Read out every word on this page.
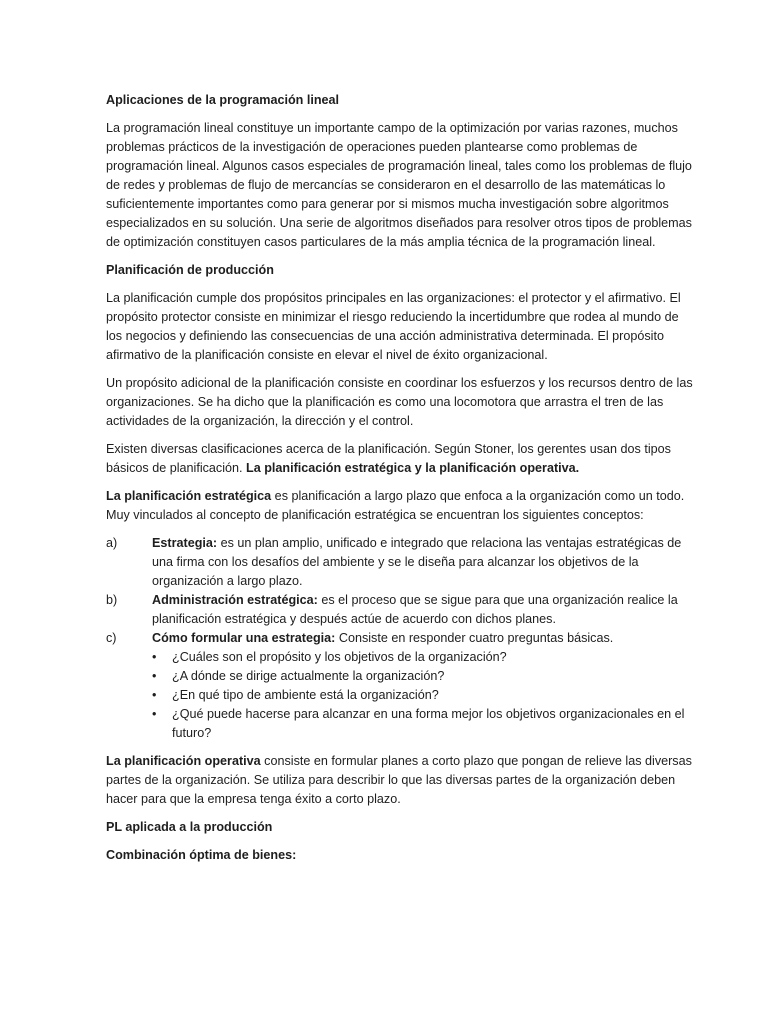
Aplicaciones de la programación lineal

La programación lineal constituye un importante campo de la optimización por varias razones, muchos problemas prácticos de la investigación de operaciones pueden plantearse como problemas de programación lineal. Algunos casos especiales de programación lineal, tales como los problemas de flujo de redes y problemas de flujo de mercancías se consideraron en el desarrollo de las matemáticas lo suficientemente importantes como para generar por si mismos mucha investigación sobre algoritmos especializados en su solución. Una serie de algoritmos diseñados para resolver otros tipos de problemas de optimización constituyen casos particulares de la más amplia técnica de la programación lineal.

Planificación de producción

La planificación cumple dos propósitos principales en las organizaciones: el protector y el afirmativo. El propósito protector consiste en minimizar el riesgo reduciendo la incertidumbre que rodea al mundo de los negocios y definiendo las consecuencias de una acción administrativa determinada. El propósito afirmativo de la planificación consiste en elevar el nivel de éxito organizacional.

Un propósito adicional de la planificación consiste en coordinar los esfuerzos y los recursos dentro de las organizaciones. Se ha dicho que la planificación es como una locomotora que arrastra el tren de las actividades de la organización, la dirección y el control.

Existen diversas clasificaciones acerca de la planificación. Según Stoner, los gerentes usan dos tipos básicos de planificación. La planificación estratégica y la planificación operativa.

La planificación estratégica es planificación a largo plazo que enfoca a la organización como un todo. Muy vinculados al concepto de planificación estratégica se encuentran los siguientes conceptos:

a)	Estrategia: es un plan amplio, unificado e integrado que relaciona las ventajas estratégicas de una firma con los desafíos del ambiente y se le diseña para alcanzar los objetivos de la organización a largo plazo.
b)	Administración estratégica: es el proceso que se sigue para que una organización realice la planificación estratégica y después actúe de acuerdo con dichos planes.
c)	Cómo formular una estrategia: Consiste en responder cuatro preguntas básicas.
• ¿Cuáles son el propósito y los objetivos de la organización?
• ¿A dónde se dirige actualmente la organización?
• ¿En qué tipo de ambiente está la organización?
• ¿Qué puede hacerse para alcanzar en una forma mejor los objetivos organizacionales en el futuro?

La planificación operativa consiste en formular planes a corto plazo que pongan de relieve las diversas partes de la organización. Se utiliza para describir lo que las diversas partes de la organización deben hacer para que la empresa tenga éxito a corto plazo.

PL aplicada a la producción
Combinación óptima de bienes:
